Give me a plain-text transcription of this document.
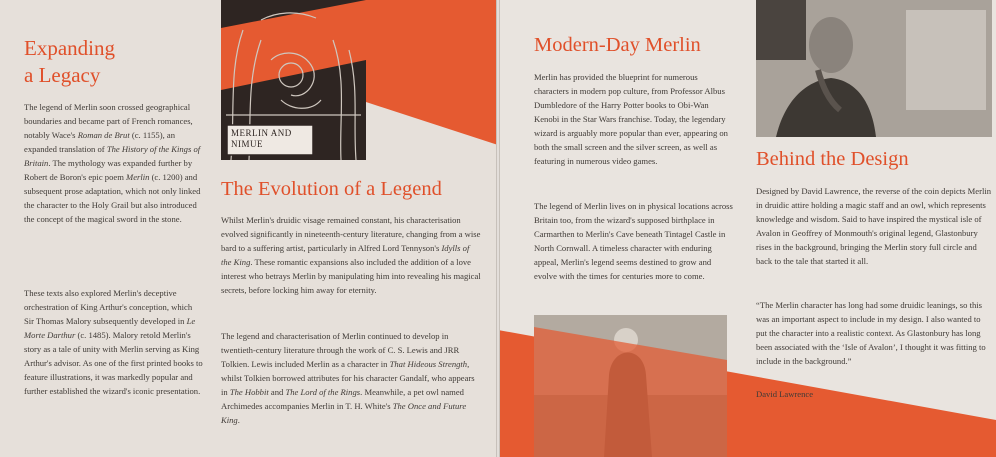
Expanding
a Legacy

The legend of Merlin soon crossed geographical boundaries and became part of French romances, notably Wace's Roman de Brut (c. 1155), an expanded translation of The History of the Kings of Britain. The mythology was expanded further by Robert de Boron's epic poem Merlin (c. 1200) and subsequent prose adaptation, which not only linked the character to the Holy Grail but also introduced the concept of the magical sword in the stone.

These texts also explored Merlin's deceptive orchestration of King Arthur's conception, which Sir Thomas Malory subsequently developed in Le Morte Darthur (c. 1485). Malory retold Merlin's story as a tale of unity with Merlin serving as King Arthur's advisor. As one of the first printed books to feature illustrations, it was markedly popular and further established the wizard's iconic presentation.

MERLIN AND
NIMUE
The Evolution of a Legend

Whilst Merlin's druidic visage remained constant, his characterisation evolved significantly in nineteenth-century literature, changing from a wise bard to a suffering artist, particularly in Alfred Lord Tennyson's Idylls of the King. These romantic expansions also included the addition of a love interest who betrays Merlin by manipulating him into revealing his magical secrets, before locking him away for eternity.

The legend and characterisation of Merlin continued to develop in twentieth-century literature through the work of C. S. Lewis and JRR Tolkien. Lewis included Merlin as a character in That Hideous Strength, whilst Tolkien borrowed attributes for his character Gandalf, who appears in The Hobbit and The Lord of the Rings. Meanwhile, a pet owl named Archimedes accompanies Merlin in T. H. White's The Once and Future King.

Modern-Day Merlin

Merlin has provided the blueprint for numerous characters in modern pop culture, from Professor Albus Dumbledore of the Harry Potter books to Obi-Wan Kenobi in the Star Wars franchise. Today, the legendary wizard is arguably more popular than ever, appearing on both the small screen and the silver screen, as well as featuring in numerous video games.

The legend of Merlin lives on in physical locations across Britain too, from the wizard's supposed birthplace in Carmarthen to Merlin's Cave beneath Tintagel Castle in North Cornwall. A timeless character with enduring appeal, Merlin's legend seems destined to grow and evolve with the times for centuries more to come.

Behind the Design

Designed by David Lawrence, the reverse of the coin depicts Merlin in druidic attire holding a magic staff and an owl, which represents knowledge and wisdom. Said to have inspired the mystical isle of Avalon in Geoffrey of Monmouth's original legend, Glastonbury rises in the background, bringing the Merlin story full circle and back to the tale that started it all.

“The Merlin character has long had some druidic leanings, so this was an important aspect to include in my design. I also wanted to put the character into a realistic context. As Glastonbury has long been associated with the ‘Isle of Avalon’, I thought it was fitting to include in the background.”

David Lawrence
